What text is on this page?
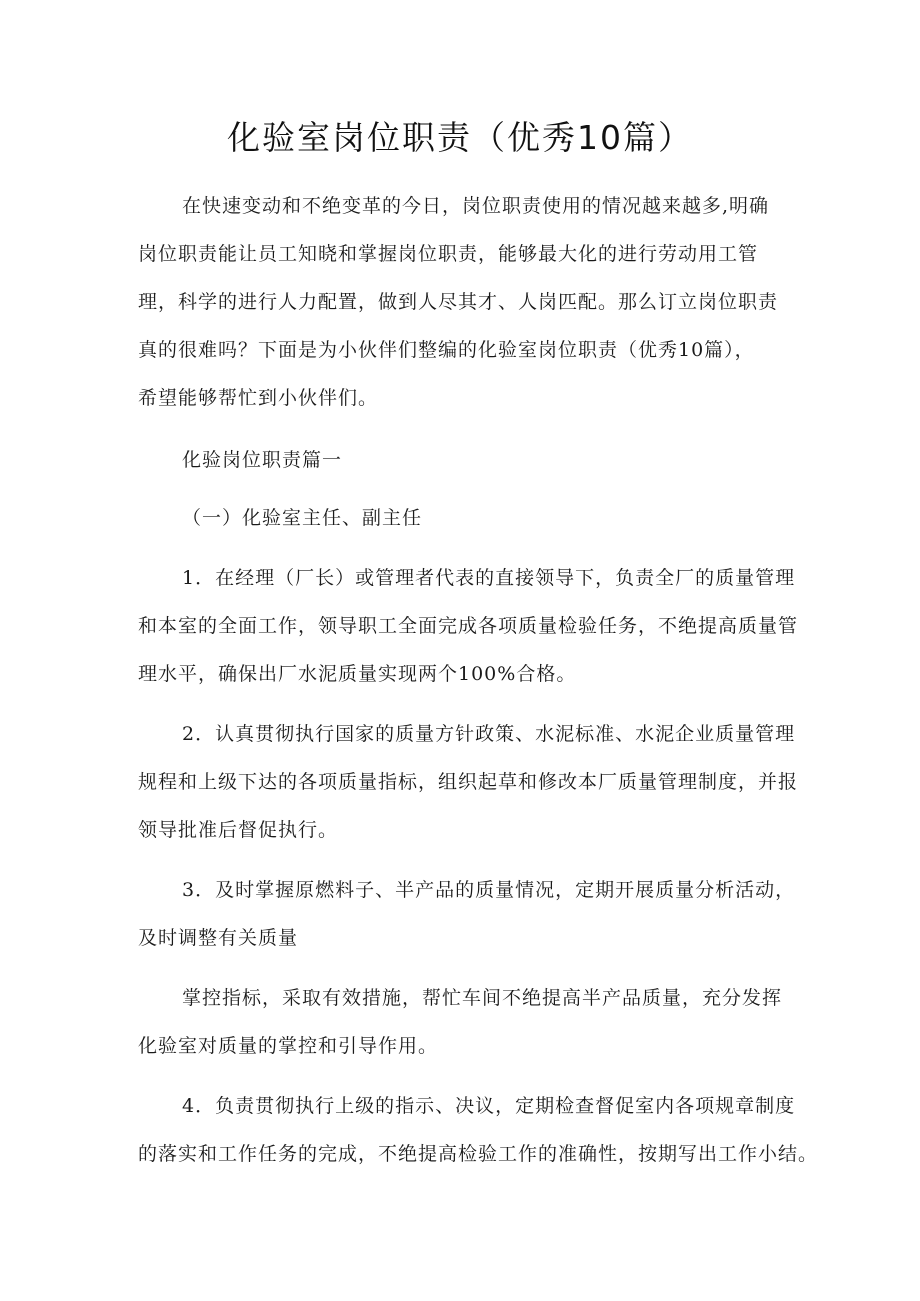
化验室岗位职责（优秀10篇）
在快速变动和不绝变革的今日，岗位职责使用的情况越来越多,明确
岗位职责能让员工知晓和掌握岗位职责，能够最大化的进行劳动用工管
理，科学的进行人力配置，做到人尽其才、人岗匹配。那么订立岗位职责
真的很难吗？下面是为小伙伴们整编的化验室岗位职责（优秀10篇），
希望能够帮忙到小伙伴们。
化验岗位职责篇一
（一）化验室主任、副主任
1．在经理（厂长）或管理者代表的直接领导下，负责全厂的质量管理
和本室的全面工作，领导职工全面完成各项质量检验任务，不绝提高质量管
理水平，确保出厂水泥质量实现两个100%合格。
2．认真贯彻执行国家的质量方针政策、水泥标准、水泥企业质量管理
规程和上级下达的各项质量指标，组织起草和修改本厂质量管理制度，并报
领导批准后督促执行。
3．及时掌握原燃料子、半产品的质量情况，定期开展质量分析活动，
及时调整有关质量
掌控指标，采取有效措施，帮忙车间不绝提高半产品质量，充分发挥
化验室对质量的掌控和引导作用。
4．负责贯彻执行上级的指示、决议，定期检查督促室内各项规章制度
的落实和工作任务的完成，不绝提高检验工作的准确性，按期写出工作小结。
